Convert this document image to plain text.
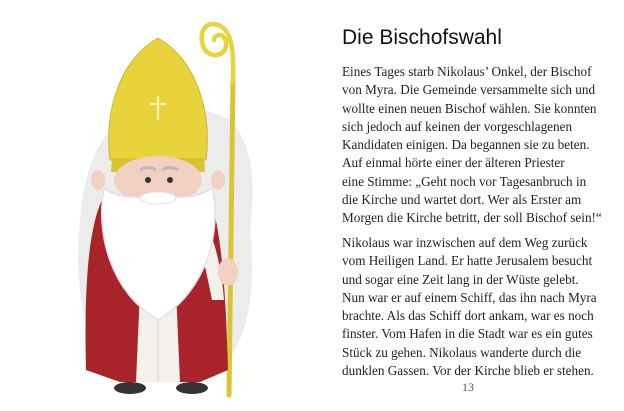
Die Bischofswahl

Eines Tages starb Nikolaus’ Onkel, der Bischof
von Myra. Die Gemeinde versammelte sich und
wollte einen neuen Bischof wählen. Sie konnten
sich jedoch auf keinen der vorgeschlagenen
Kandidaten einigen. Da begannen sie zu beten.
Auf einmal hörte einer der älteren Priester
eine Stimme: „Geht noch vor Tagesanbruch in
die Kirche und wartet dort. Wer als Erster am
Morgen die Kirche betritt, der soll Bischof sein!“

Nikolaus war inzwischen auf dem Weg zurück
vom Heiligen Land. Er hatte Jerusalem besucht
und sogar eine Zeit lang in der Wüste gelebt.
Nun war er auf einem Schiff, das ihn nach Myra
brachte. Als das Schiff dort ankam, war es noch
finster. Vom Hafen in die Stadt war es ein gutes
Stück zu gehen. Nikolaus wanderte durch die
dunklen Gassen. Vor der Kirche blieb er stehen.

13
